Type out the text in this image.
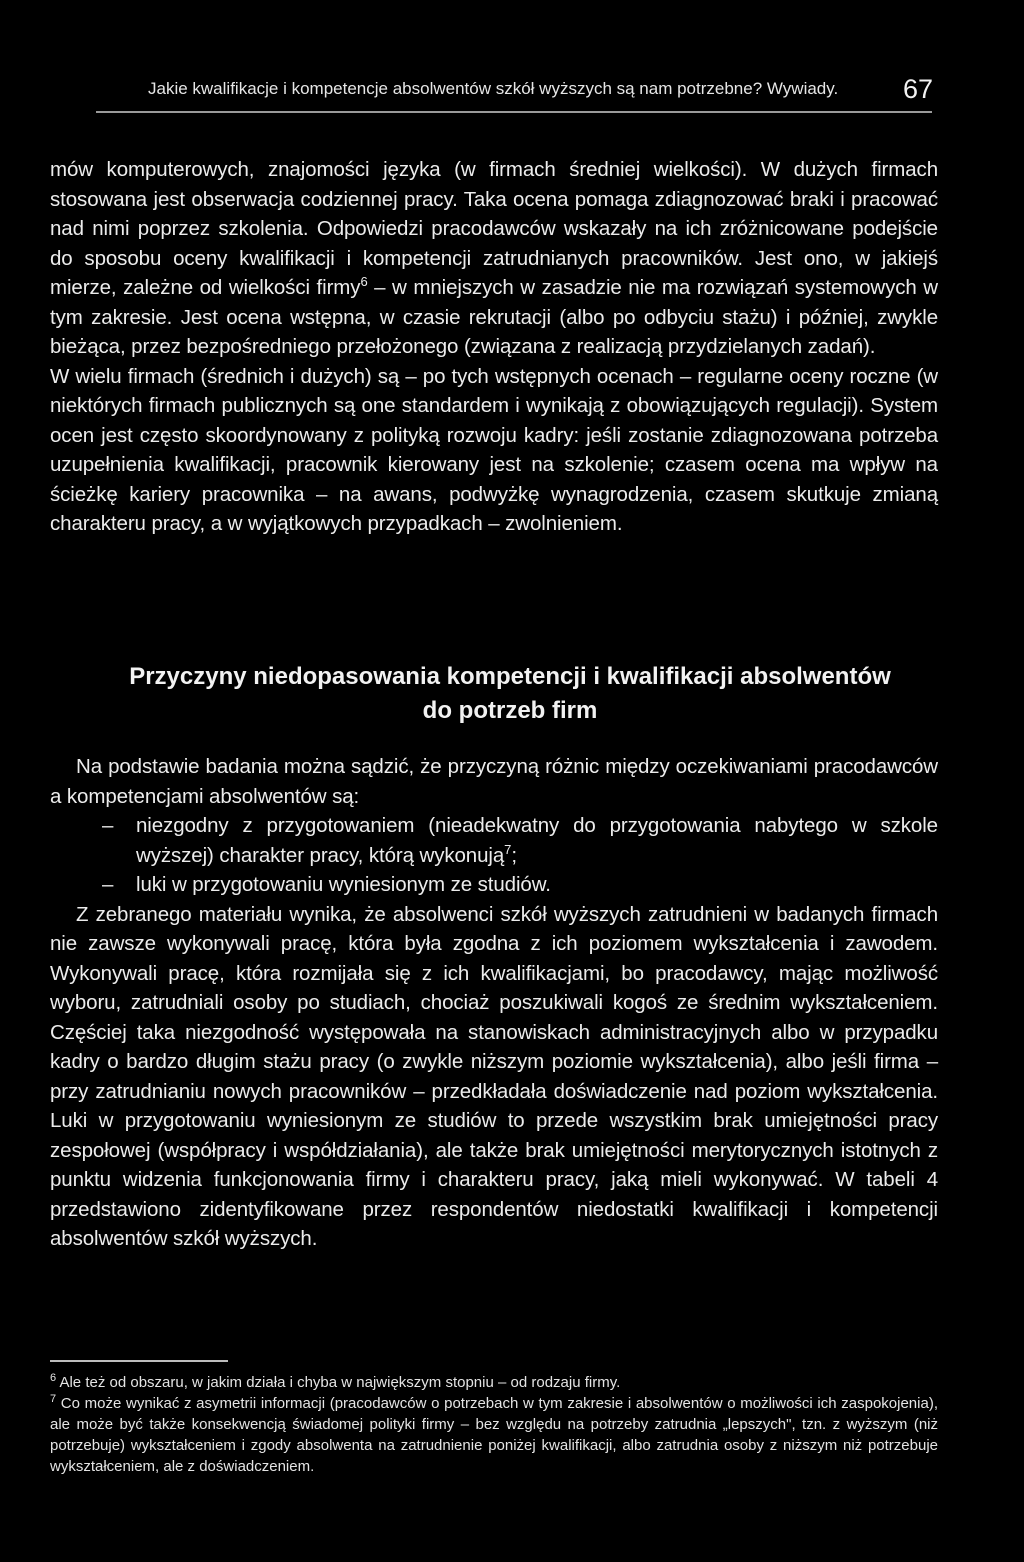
Jakie kwalifikacje i kompetencje absolwentów szkół wyższych są nam potrzebne? Wywiady. 67

mów komputerowych, znajomości języka (w firmach średniej wielkości). W dużych firmach stosowana jest obserwacja codziennej pracy. Taka ocena pomaga zdiagnozować braki i pracować nad nimi poprzez szkolenia. Odpowiedzi pracodawców wskazały na ich zróżnicowane podejście do sposobu oceny kwalifikacji i kompetencji zatrudnianych pracowników. Jest ono, w jakiejś mierze, zależne od wielkości firmy$^6$ – w mniejszych w zasadzie nie ma rozwiązań systemowych w tym zakresie. Jest ocena wstępna, w czasie rekrutacji (albo po odbyciu stażu) i później, zwykle bieżąca, przez bezpośredniego przełożonego (związana z realizacją przydzielanych zadań).

W wielu firmach (średnich i dużych) są – po tych wstępnych ocenach – regularne oceny roczne (w niektórych firmach publicznych są one standardem i wynikają z obowiązujących regulacji). System ocen jest często skoordynowany z polityką rozwoju kadry: jeśli zostanie zdiagnozowana potrzeba uzupełnienia kwalifikacji, pracownik kierowany jest na szkolenie; czasem ocena ma wpływ na ścieżkę kariery pracownika – na awans, podwyżkę wynagrodzenia, czasem skutkuje zmianą charakteru pracy, a w wyjątkowych przypadkach – zwolnieniem.

Przyczyny niedopasowania kompetencji i kwalifikacji absolwentów
do potrzeb firm

Na podstawie badania można sądzić, że przyczyną różnic między oczekiwaniami pracodawców a kompetencjami absolwentów są:

– niezgodny z przygotowaniem (nieadekwatny do przygotowania nabytego w szkole wyższej) charakter pracy, którą wykonują$^7$;
– luki w przygotowaniu wyniesionym ze studiów.

Z zebranego materiału wynika, że absolwenci szkół wyższych zatrudnieni w badanych firmach nie zawsze wykonywali pracę, która była zgodna z ich poziomem wykształcenia i zawodem. Wykonywali pracę, która rozmijała się z ich kwalifikacjami, bo pracodawcy, mając możliwość wyboru, zatrudniali osoby po studiach, chociaż poszukiwali kogoś ze średnim wykształceniem. Częściej taka niezgodność występowała na stanowiskach administracyjnych albo w przypadku kadry o bardzo długim stażu pracy (o zwykle niższym poziomie wykształcenia), albo jeśli firma – przy zatrudnianiu nowych pracowników – przedkładała doświadczenie nad poziom wykształcenia. Luki w przygotowaniu wyniesionym ze studiów to przede wszystkim brak umiejętności pracy zespołowej (współpracy i współdziałania), ale także brak umiejętności merytorycznych istotnych z punktu widzenia funkcjonowania firmy i charakteru pracy, jaką mieli wykonywać. W tabeli 4 przedstawiono zidentyfikowane przez respondentów niedostatki kwalifikacji i kompetencji absolwentów szkół wyższych.

$^6$ Ale też od obszaru, w jakim działa i chyba w największym stopniu – od rodzaju firmy.

$^7$ Co może wynikać z asymetrii informacji (pracodawców o potrzebach w tym zakresie i absolwentów o możliwości ich zaspokojenia), ale może być także konsekwencją świadomej polityki firmy – bez względu na potrzeby zatrudnia „lepszych", tzn. z wyższym (niż potrzebuje) wykształceniem i zgody absolwenta na zatrudnienie poniżej kwalifikacji, albo zatrudnia osoby z niższym niż potrzebuje wykształceniem, ale z doświadczeniem.
